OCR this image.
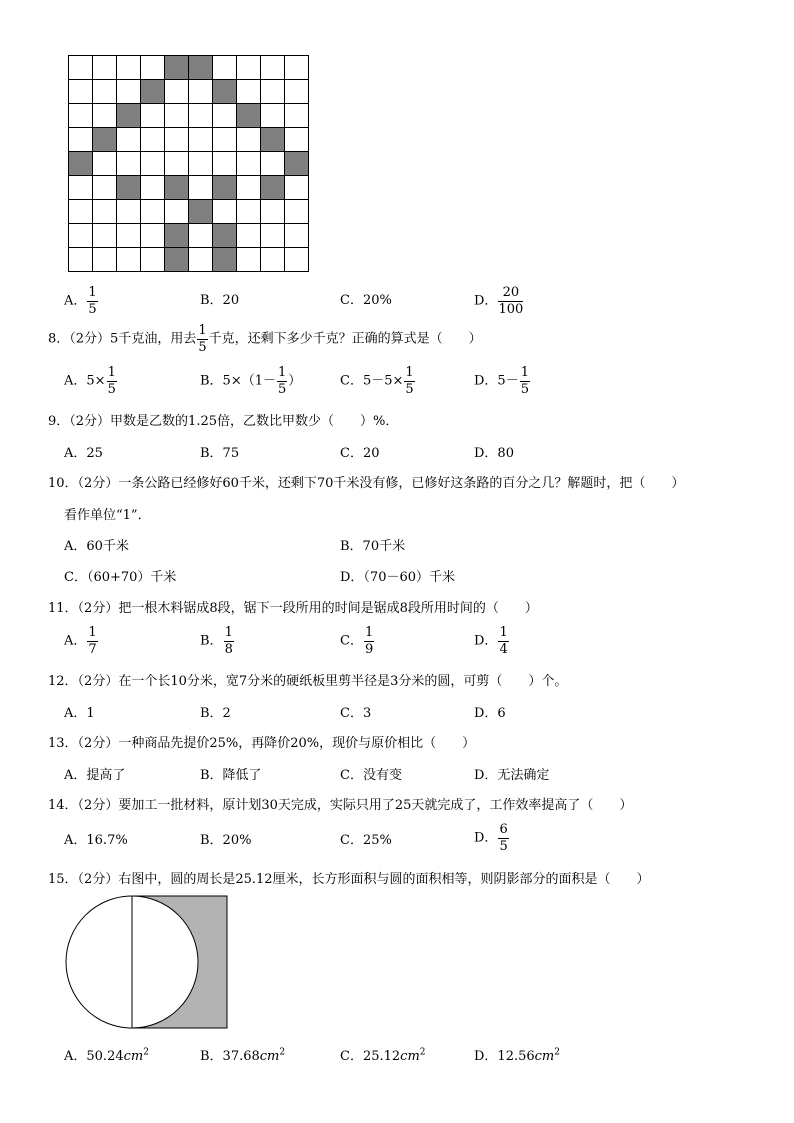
A． $\frac{1}{5}$	B．20	C．20%	D． $\frac{20}{100}$
8．（2分）5千克油，用去 $\frac{1}{5}$ 千克，还剩下多少千克？正确的算式是（　　）
A．$5\times \frac{1}{5}$	B．$5\times(1- \frac{1}{5}$ ）	C．$5-5\times \frac{1}{5}$	D．$5- \frac{1}{5}$
9．（2分）甲数是乙数的1.25倍，乙数比甲数少（　　）%．
A．25	B．75	C．20	D．80
10．（2分）一条公路已经修好60千米，还剩下70千米没有修，已修好这条路的百分之几？解题时，把（　　）
看作单位“1”．
A．60千米	B．70千米
C．（60+70）千米	D．（70－60）千米
11．（2分）把一根木料锯成8段，锯下一段所用的时间是锯成8段所用时间的（　　）
A． $\frac{1}{7}$	B． $\frac{1}{8}$	C． $\frac{1}{9}$	D． $\frac{1}{4}$
12．（2分）在一个长10分米，宽7分米的硬纸板里剪半径是3分米的圆，可剪（　　）个。
A．1	B．2	C．3	D．6
13．（2分）一种商品先提价25%，再降价20%，现价与原价相比（　　）
A．提高了	B．降低了	C．没有变	D．无法确定
14．（2分）要加工一批材料，原计划30天完成，实际只用了25天就完成了，工作效率提高了（　　）
A．16.7%	B．20%	C．25%	D． $\frac{6}{5}$
15．（2分）右图中，圆的周长是25.12厘米，长方形面积与圆的面积相等，则阴影部分的面积是（　　）
A．$50.24cm^2$	B．$37.68cm^2$	C．$25.12cm^2$	D．$12.56cm^2$
